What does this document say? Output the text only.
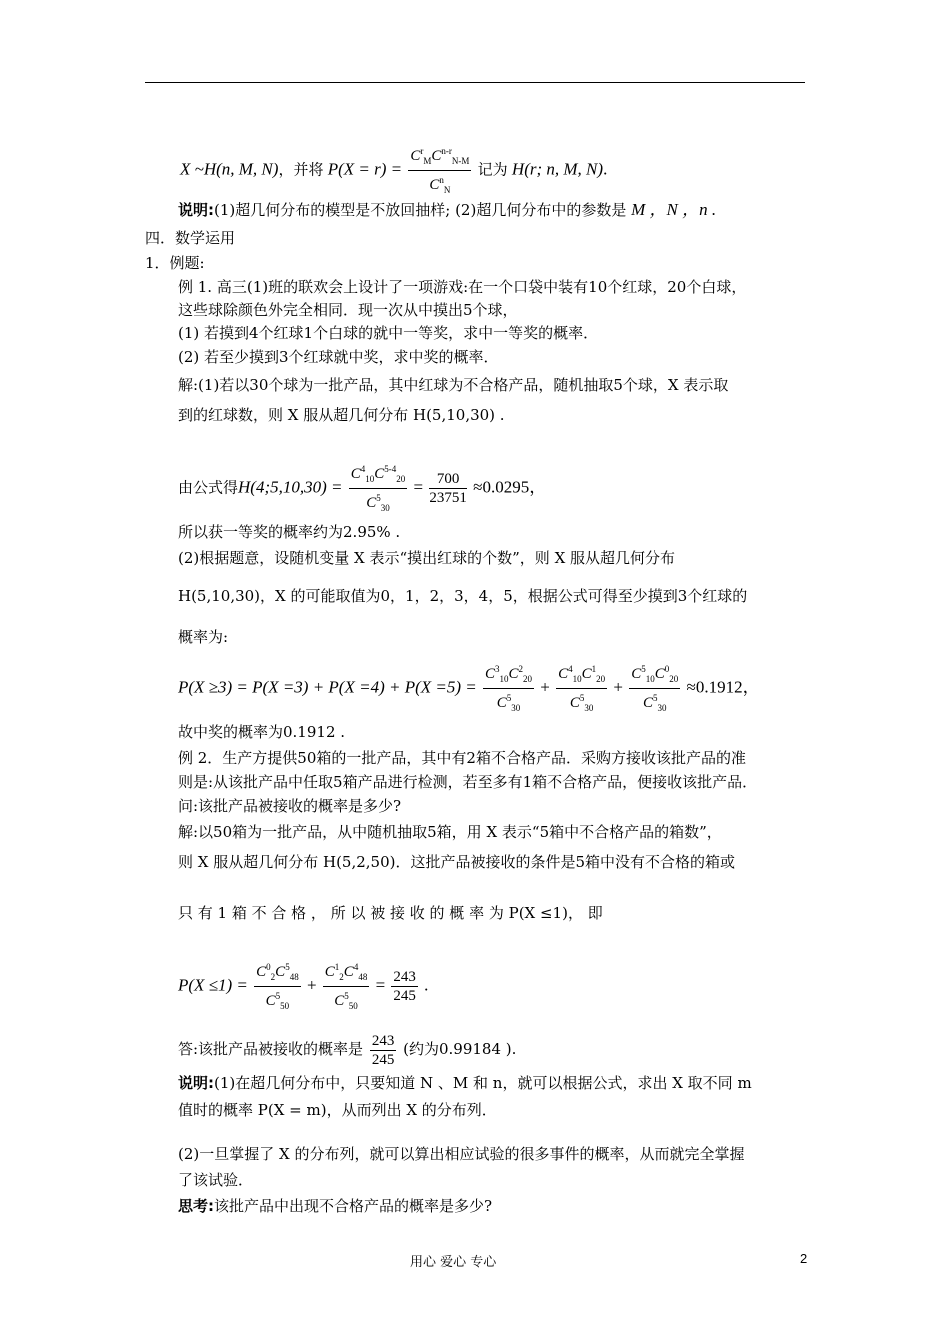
X ~H(n, M, N)，并将 $P(X = r) = \frac{C^r_MC^{n-r}_{N-M}}{C^n_N}$ 记为 H(r; n, M, N).
说明:(1)超几何分布的模型是不放回抽样; (2)超几何分布中的参数是 M ，N ，n .
四．数学运用
1．例题:
例 1. 高三(1)班的联欢会上设计了一项游戏:在一个口袋中装有10个红球，20个白球，
这些球除颜色外完全相同．现一次从中摸出5个球，
(1) 若摸到4个红球1个白球的就中一等奖，求中一等奖的概率．
(2) 若至少摸到3个红球就中奖，求中奖的概率．
解:(1)若以30个球为一批产品，其中红球为不合格产品，随机抽取5个球，X 表示取
到的红球数，则 X 服从超几何分布 H(5,10,30) .
由公式得H(4;5,10,30) = $\frac{C^4_{10}C^{5-4}_{20}}{C^5_{30}} = \frac{700}{23751} \approx 0.0295$，
所以获一等奖的概率约为2.95% .
(2)根据题意，设随机变量 X 表示“摸出红球的个数”，则 X 服从超几何分布
H(5,10,30)，X 的可能取值为0，1，2，3，4，5，根据公式可得至少摸到3个红球的
概率为:
$P(X \ge 3) = P(X =3) + P(X =4) + P(X =5) = \frac{C^3_{10}C^2_{20}}{C^5_{30}} + \frac{C^4_{10}C^1_{20}}{C^5_{30}} + \frac{C^5_{10}C^0_{20}}{C^5_{30}} \approx 0.1912$，
故中奖的概率为0.1912 .
例 2．生产方提供50箱的一批产品，其中有2箱不合格产品．采购方接收该批产品的准
则是:从该批产品中任取5箱产品进行检测，若至多有1箱不合格产品，便接收该批产品．
问:该批产品被接收的概率是多少?
解:以50箱为一批产品，从中随机抽取5箱，用 X 表示“5箱中不合格产品的箱数”，
则 X 服从超几何分布 H(5,2,50)．这批产品被接收的条件是5箱中没有不合格的箱或
只 有 1 箱 不 合 格 ， 所 以 被 接 收 的 概 率 为 P(X ≤1)， 即
$P(X \le 1) = \frac{C^0_2C^5_{48}}{C^5_{50}} + \frac{C^1_2C^4_{48}}{C^5_{50}} = \frac{243}{245}$ .
答:该批产品被接收的概率是 $\frac{243}{245}$ (约为0.99184 ).
说明:(1)在超几何分布中，只要知道 N 、M 和 n，就可以根据公式，求出 X 取不同 m
值时的概率 P(X = m)，从而列出 X 的分布列．
(2)一旦掌握了 X 的分布列，就可以算出相应试验的很多事件的概率，从而就完全掌握
了该试验．
思考:该批产品中出现不合格产品的概率是多少?
用心 爱心 专心	2
